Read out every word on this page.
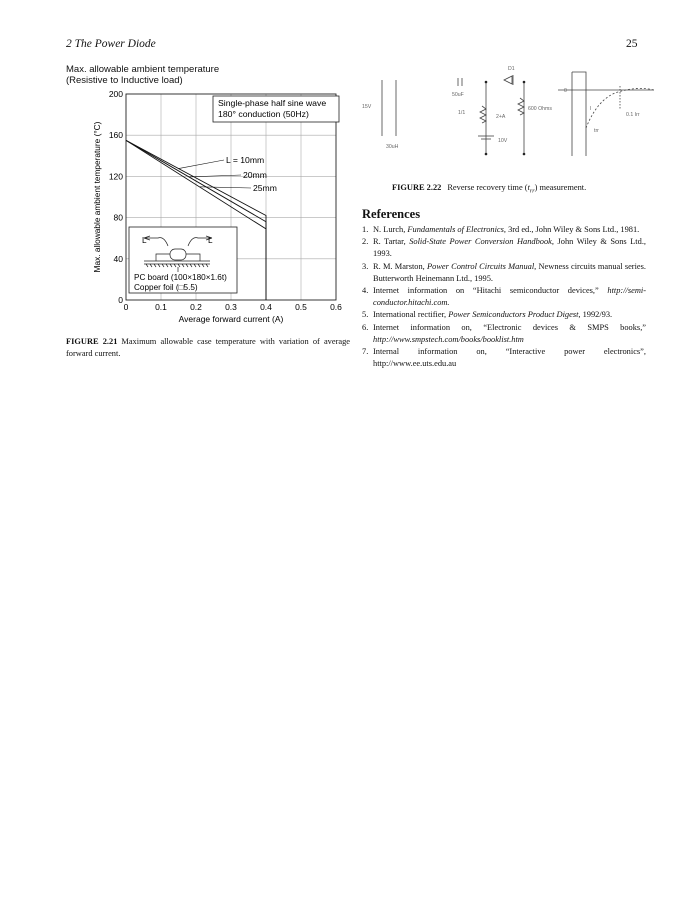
2 The Power Diode	25
Max. allowable ambient temperature
(Resistive to Inductive load)
0	0.1	0.2	0.3	0.4	0.5	0.6
0
40
80
120
160
200
Max. allowable ambient temperature (°C)
Average forward current (A)
Single-phase half sine wave
180° conduction (50Hz)
L = 10mm
20mm
25mm
L	L
PC board (100×180×1.6t)
Copper foil (□5.5)
FIGURE 2.21 Maximum allowable case temperature with variation of average forward current.
15V
50uF
D1
1/1
2+A
10V
600 Ohms
30uH
0
I
0.1 Irr
trr
FIGURE 2.22 Reverse recovery time $(t_{rr})$ measurement.
References
1. N. Lurch, Fundamentals of Electronics, 3rd ed., John Wiley & Sons Ltd., 1981.
2. R. Tartar, Solid-State Power Conversion Handbook, John Wiley & Sons Ltd., 1993.
3. R. M. Marston, Power Control Circuits Manual, Newness circuits manual series. Butterworth Heinemann Ltd., 1995.
4. Internet information on “Hitachi semiconductor devices,” http://semi-conductor.hitachi.com.
5. International rectifier, Power Semiconductors Product Digest, 1992/93.
6. Internet information on, “Electronic devices & SMPS books,” http://www.smpstech.com/books/booklist.htm
7. Internal information on, “Interactive power electronics”, http://www.ee.uts.edu.au
